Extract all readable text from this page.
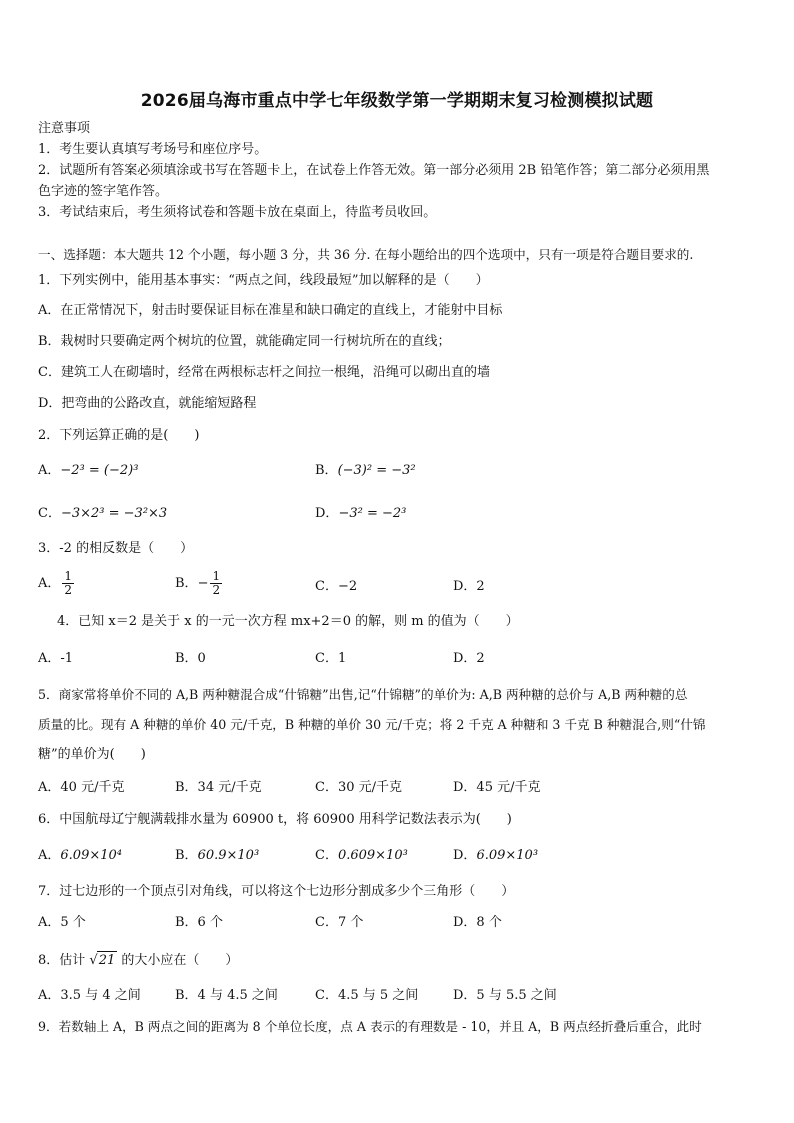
2026届乌海市重点中学七年级数学第一学期期末复习检测模拟试题
注意事项
1．考生要认真填写考场号和座位序号。
2．试题所有答案必须填涂或书写在答题卡上，在试卷上作答无效。第一部分必须用 2B 铅笔作答；第二部分必须用黑
色字迹的签字笔作答。
3．考试结束后，考生须将试卷和答题卡放在桌面上，待监考员收回。
一、选择题：本大题共 12 个小题，每小题 3 分，共 36 分. 在每小题给出的四个选项中，只有一项是符合题目要求的.
1．下列实例中，能用基本事实：“两点之间，线段最短”加以解释的是（　　）
A．在正常情况下，射击时要保证目标在准星和缺口确定的直线上，才能射中目标
B．栽树时只要确定两个树坑的位置，就能确定同一行树坑所在的直线；
C．建筑工人在砌墙时，经常在两根标志杆之间拉一根绳，沿绳可以砌出直的墙
D．把弯曲的公路改直，就能缩短路程
2．下列运算正确的是(　　)
A．−2³ = (−2)³	B．(−3)² = −3²
C．−3×2³ = −3²×3	D．−3² = −2³
3．-2 的相反数是（　　）
A． $\frac{1}{2}$	B．− $\frac{1}{2}$	C．−2	D．2
4．已知 x＝2 是关于 x 的一元一次方程 mx+2＝0 的解，则 m 的值为（　　）
A．-1	B．0	C．1	D．2
5．商家常将单价不同的 A,B 两种糖混合成“什锦糖”出售,记“什锦糖”的单价为: A,B 两种糖的总价与 A,B 两种糖的总
质量的比。现有 A 种糖的单价 40 元/千克，B 种糖的单价 30 元/千克；将 2 千克 A 种糖和 3 千克 B 种糖混合,则“什锦
糖”的单价为(　　)
A．40 元/千克	B．34 元/千克	C．30 元/千克	D．45 元/千克
6．中国航母辽宁舰满载排水量为 60900 t，将 60900 用科学记数法表示为(　　)
A．6.09×10⁴	B．60.9×10³	C．0.609×10³	D．6.09×10³
7．过七边形的一个顶点引对角线，可以将这个七边形分割成多少个三角形（　　）
A．5 个	B．6 个	C．7 个	D．8 个
8．估计 √21 的大小应在（　　）
A．3.5 与 4 之间	B．4 与 4.5 之间	C．4.5 与 5 之间	D．5 与 5.5 之间
9．若数轴上 A，B 两点之间的距离为 8 个单位长度，点 A 表示的有理数是 - 10，并且 A，B 两点经折叠后重合，此时
